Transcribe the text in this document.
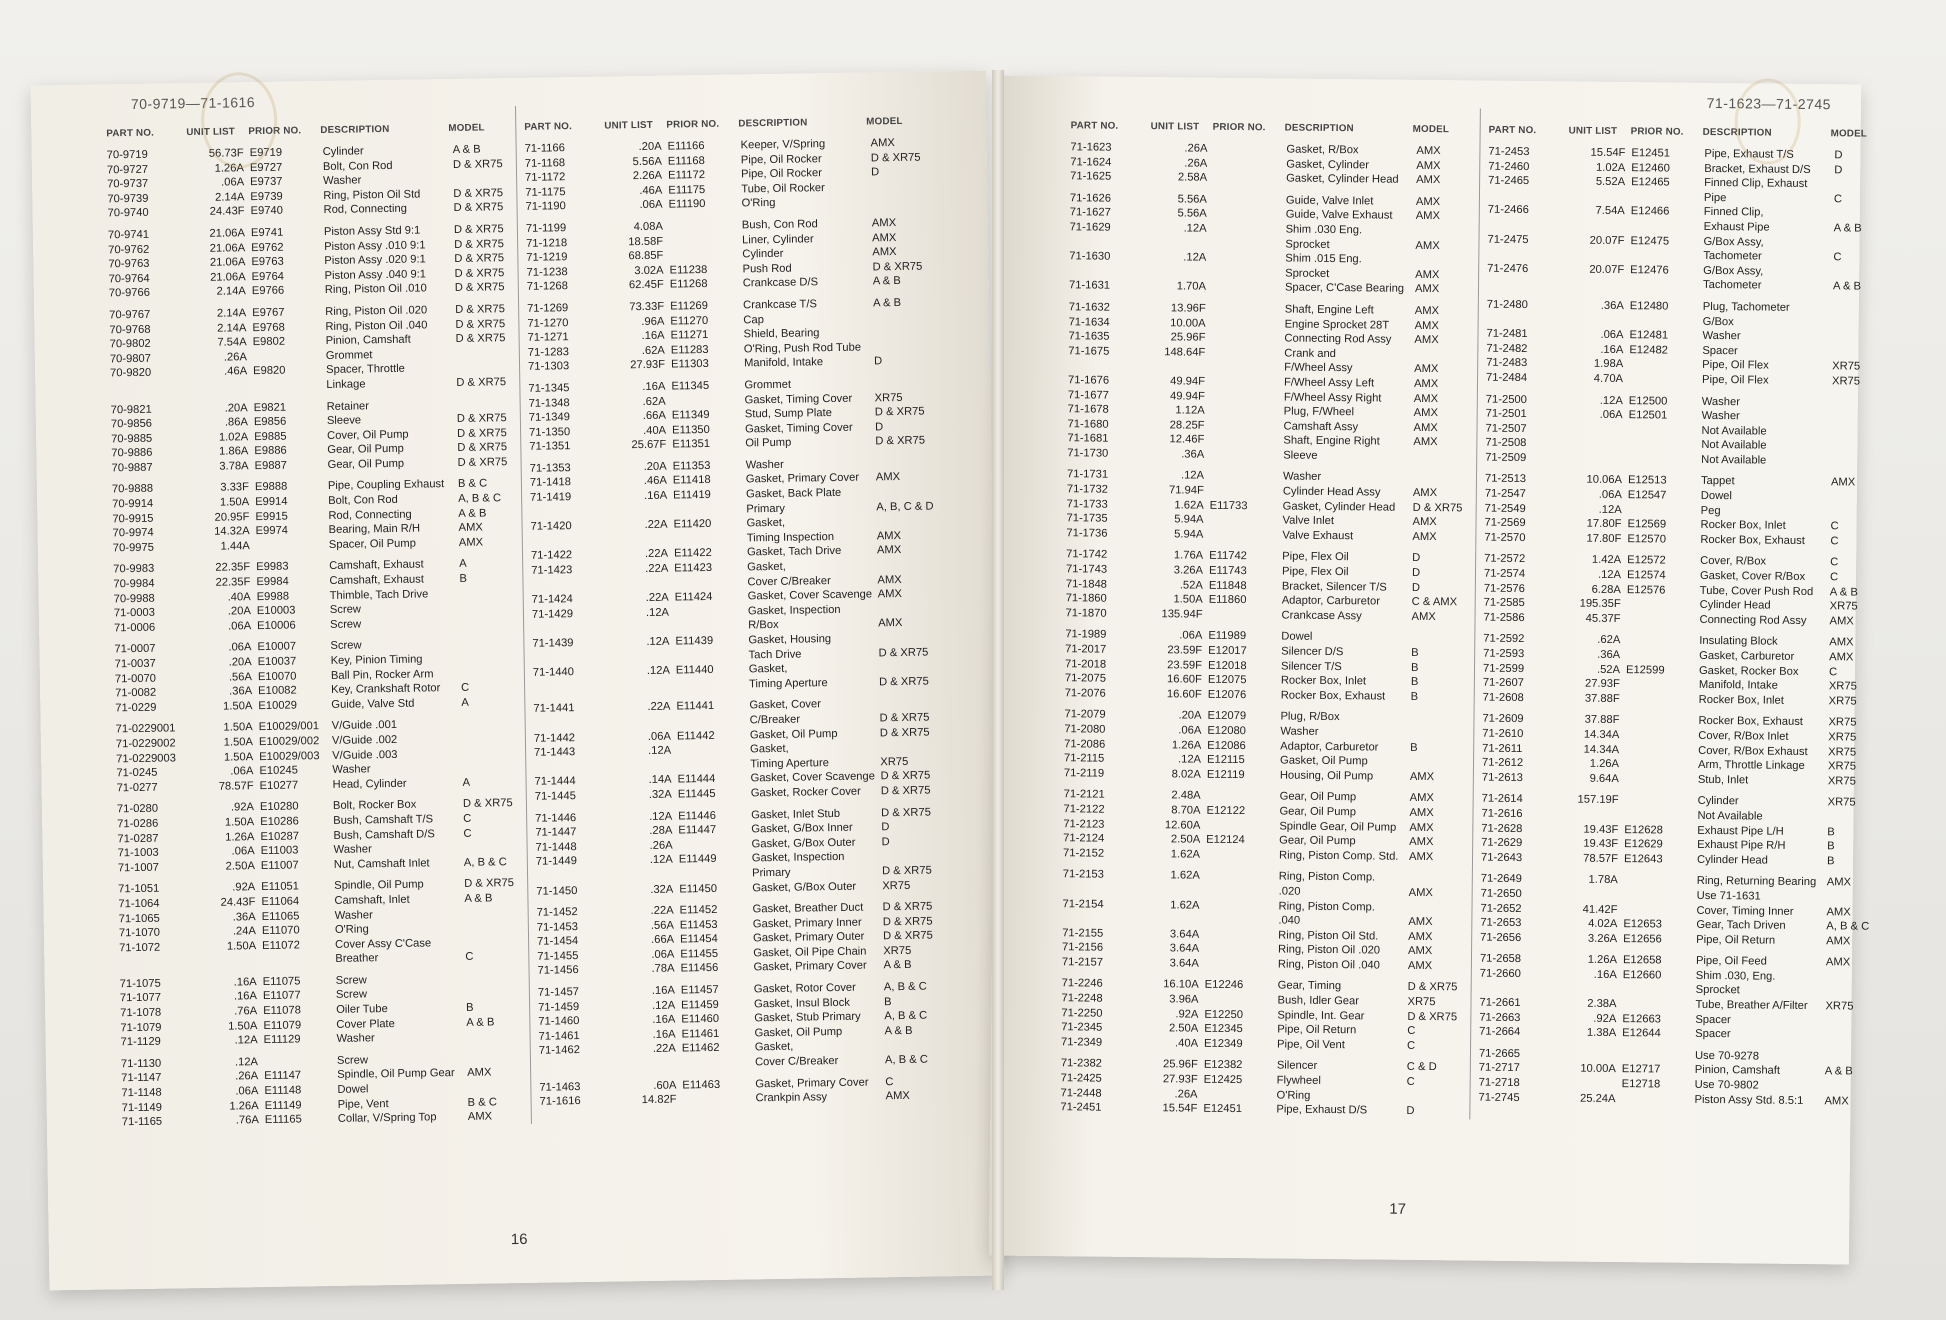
70-9719—71-1616
PART NO.	UNIT LIST	PRIOR NO.	DESCRIPTION	MODEL
70-9719	56.73F E9719	Cylinder	A & B
70-9727	1.26A E9727	Bolt, Con Rod	D & XR75
70-9737	.06A E9737	Washer
70-9739	2.14A E9739	Ring, Piston Oil Std	D & XR75
70-9740	24.43F E9740	Rod, Connecting	D & XR75
70-9741	21.06A E9741	Piston Assy Std 9:1	D & XR75
70-9762	21.06A E9762	Piston Assy .010 9:1	D & XR75
70-9763	21.06A E9763	Piston Assy .020 9:1	D & XR75
70-9764	21.06A E9764	Piston Assy .040 9:1	D & XR75
70-9766	2.14A E9766	Ring, Piston Oil .010	D & XR75
70-9767	2.14A E9767	Ring, Piston Oil .020	D & XR75
70-9768	2.14A E9768	Ring, Piston Oil .040	D & XR75
70-9802	7.54A E9802	Pinion, Camshaft	D & XR75
70-9807	.26A	Grommet
70-9820	.46A E9820	Spacer, Throttle
Linkage	D & XR75
70-9821	.20A E9821	Retainer
70-9856	.86A E9856	Sleeve	D & XR75
70-9885	1.02A E9885	Cover, Oil Pump	D & XR75
70-9886	1.86A E9886	Gear, Oil Pump	D & XR75
70-9887	3.78A E9887	Gear, Oil Pump	D & XR75
70-9888	3.33F E9888	Pipe, Coupling Exhaust	B & C
70-9914	1.50A E9914	Bolt, Con Rod	A, B & C
70-9915	20.95F E9915	Rod, Connecting	A & B
70-9974	14.32A E9974	Bearing, Main R/H	AMX
70-9975	1.44A	Spacer, Oil Pump	AMX
70-9983	22.35F E9983	Camshaft, Exhaust	A
70-9984	22.35F E9984	Camshaft, Exhaust	B
70-9988	.40A E9988	Thimble, Tach Drive
71-0003	.20A E10003	Screw
71-0006	.06A E10006	Screw
71-0007	.06A E10007	Screw
71-0037	.20A E10037	Key, Pinion Timing
71-0070	.56A E10070	Ball Pin, Rocker Arm
71-0082	.36A E10082	Key, Crankshaft Rotor	C
71-0229	1.50A E10029	Guide, Valve Std	A
71-0229001	1.50A E10029/001	V/Guide .001
71-0229002	1.50A E10029/002	V/Guide .002
71-0229003	1.50A E10029/003	V/Guide .003
71-0245	.06A E10245	Washer
71-0277	78.57F E10277	Head, Cylinder	A
71-0280	.92A E10280	Bolt, Rocker Box	D & XR75
71-0286	1.50A E10286	Bush, Camshaft T/S	C
71-0287	1.26A E10287	Bush, Camshaft D/S	C
71-1003	.06A E11003	Washer
71-1007	2.50A E11007	Nut, Camshaft Inlet	A, B & C
71-1051	.92A E11051	Spindle, Oil Pump	D & XR75
71-1064	24.43F E11064	Camshaft, Inlet	A & B
71-1065	.36A E11065	Washer
71-1070	.24A E11070	O'Ring
71-1072	1.50A E11072	Cover Assy C'Case
Breather	C
71-1075	.16A E11075	Screw
71-1077	.16A E11077	Screw
71-1078	.76A E11078	Oiler Tube	B
71-1079	1.50A E11079	Cover Plate	A & B
71-1129	.12A E11129	Washer
71-1130	.12A	Screw
71-1147	.26A E11147	Spindle, Oil Pump Gear	AMX
71-1148	.06A E11148	Dowel
71-1149	1.26A E11149	Pipe, Vent	B & C
71-1165	.76A E11165	Collar, V/Spring Top	AMX
PART NO.	UNIT LIST	PRIOR NO.	DESCRIPTION	MODEL
71-1166	.20A E11166	Keeper, V/Spring	AMX
71-1168	5.56A E11168	Pipe, Oil Rocker	D & XR75
71-1172	2.26A E11172	Pipe, Oil Rocker	D
71-1175	.46A E11175	Tube, Oil Rocker
71-1190	.06A E11190	O'Ring
71-1199	4.08A	Bush, Con Rod	AMX
71-1218	18.58F	Liner, Cylinder	AMX
71-1219	68.85F	Cylinder	AMX
71-1238	3.02A E11238	Push Rod	D & XR75
71-1268	62.45F E11268	Crankcase D/S	A & B
71-1269	73.33F E11269	Crankcase T/S	A & B
71-1270	.96A E11270	Cap
71-1271	.16A E11271	Shield, Bearing
71-1283	.62A E11283	O'Ring, Push Rod Tube
71-1303	27.93F E11303	Manifold, Intake	D
71-1345	.16A E11345	Grommet
71-1348	.62A	Gasket, Timing Cover	XR75
71-1349	.66A E11349	Stud, Sump Plate	D & XR75
71-1350	.40A E11350	Gasket, Timing Cover	D
71-1351	25.67F E11351	Oil Pump	D & XR75
71-1353	.20A E11353	Washer
71-1418	.46A E11418	Gasket, Primary Cover	AMX
71-1419	.16A E11419	Gasket, Back Plate
Primary	A, B, C & D
71-1420	.22A E11420	Gasket,
Timing Inspection	AMX
71-1422	.22A E11422	Gasket, Tach Drive	AMX
71-1423	.22A E11423	Gasket,
Cover C/Breaker	AMX
71-1424	.22A E11424	Gasket, Cover Scavenge AMX
71-1429	.12A	Gasket, Inspection
R/Box	AMX
71-1439	.12A E11439	Gasket, Housing
Tach Drive	D & XR75
71-1440	.12A E11440	Gasket,
Timing Aperture	D & XR75
71-1441	.22A E11441	Gasket, Cover
C/Breaker	D & XR75
71-1442	.06A E11442	Gasket, Oil Pump	D & XR75
71-1443	.12A	Gasket,
Timing Aperture	XR75
71-1444	.14A E11444	Gasket, Cover Scavenge D & XR75
71-1445	.32A E11445	Gasket, Rocker Cover	D & XR75
71-1446	.12A E11446	Gasket, Inlet Stub	D & XR75
71-1447	.28A E11447	Gasket, G/Box Inner	D
71-1448	.26A	Gasket, G/Box Outer	D
71-1449	.12A E11449	Gasket, Inspection
Primary	D & XR75
71-1450	.32A E11450	Gasket, G/Box Outer	XR75
71-1452	.22A E11452	Gasket, Breather Duct	D & XR75
71-1453	.56A E11453	Gasket, Primary Inner	D & XR75
71-1454	.66A E11454	Gasket, Primary Outer	D & XR75
71-1455	.06A E11455	Gasket, Oil Pipe Chain	XR75
71-1456	.78A E11456	Gasket, Primary Cover	A & B
71-1457	.16A E11457	Gasket, Rotor Cover	A, B & C
71-1459	.12A E11459	Gasket, Insul Block	B
71-1460	.16A E11460	Gasket, Stub Primary	A, B & C
71-1461	.16A E11461	Gasket, Oil Pump	A & B
71-1462	.22A E11462	Gasket,
Cover C/Breaker	A, B & C
71-1463	.60A E11463	Gasket, Primary Cover	C
71-1616	14.82F	Crankpin Assy	AMX
16
71-1623—71-2745
PART NO.	UNIT LIST	PRIOR NO.	DESCRIPTION	MODEL
71-1623	.26A	Gasket, R/Box	AMX
71-1624	.26A	Gasket, Cylinder	AMX
71-1625	2.58A	Gasket, Cylinder Head	AMX
71-1626	5.56A	Guide, Valve Inlet	AMX
71-1627	5.56A	Guide, Valve Exhaust	AMX
71-1629	.12A	Shim .030 Eng.
Sprocket	AMX
71-1630	.12A	Shim .015 Eng.
Sprocket	AMX
71-1631	1.70A	Spacer, C'Case Bearing AMX
71-1632	13.96F	Shaft, Engine Left	AMX
71-1634	10.00A	Engine Sprocket 28T	AMX
71-1635	25.96F	Connecting Rod Assy	AMX
71-1675	148.64F	Crank and
F/Wheel Assy	AMX
71-1676	49.94F	F/Wheel Assy Left	AMX
71-1677	49.94F	F/Wheel Assy Right	AMX
71-1678	1.12A	Plug, F/Wheel	AMX
71-1680	28.25F	Camshaft Assy	AMX
71-1681	12.46F	Shaft, Engine Right	AMX
71-1730	.36A	Sleeve
71-1731	.12A	Washer
71-1732	71.94F	Cylinder Head Assy	AMX
71-1733	1.62A E11733	Gasket, Cylinder Head	D & XR75
71-1735	5.94A	Valve Inlet	AMX
71-1736	5.94A	Valve Exhaust	AMX
71-1742	1.76A E11742	Pipe, Flex Oil	D
71-1743	3.26A E11743	Pipe, Flex Oil	D
71-1848	.52A E11848	Bracket, Silencer T/S	D
71-1860	1.50A E11860	Adaptor, Carburetor	C & AMX
71-1870	135.94F	Crankcase Assy	AMX
71-1989	.06A E11989	Dowel
71-2017	23.59F E12017	Silencer D/S	B
71-2018	23.59F E12018	Silencer T/S	B
71-2075	16.60F E12075	Rocker Box, Inlet	B
71-2076	16.60F E12076	Rocker Box, Exhaust	B
71-2079	.20A E12079	Plug, R/Box
71-2080	.06A E12080	Washer
71-2086	1.26A E12086	Adaptor, Carburetor	B
71-2115	.12A E12115	Gasket, Oil Pump
71-2119	8.02A E12119	Housing, Oil Pump	AMX
71-2121	2.48A	Gear, Oil Pump	AMX
71-2122	8.70A E12122	Gear, Oil Pump	AMX
71-2123	12.60A	Spindle Gear, Oil Pump	AMX
71-2124	2.50A E12124	Gear, Oil Pump	AMX
71-2152	1.62A	Ring, Piston Comp. Std. AMX
71-2153	1.62A	Ring, Piston Comp.
.020	AMX
71-2154	1.62A	Ring, Piston Comp.
.040	AMX
71-2155	3.64A	Ring, Piston Oil Std.	AMX
71-2156	3.64A	Ring, Piston Oil .020	AMX
71-2157	3.64A	Ring, Piston Oil .040	AMX
71-2246	16.10A E12246	Gear, Timing	D & XR75
71-2248	3.96A	Bush, Idler Gear	XR75
71-2250	.92A E12250	Spindle, Int. Gear	D & XR75
71-2345	2.50A E12345	Pipe, Oil Return	C
71-2349	.40A E12349	Pipe, Oil Vent	C
71-2382	25.96F E12382	Silencer	C & D
71-2425	27.93F E12425	Flywheel	C
71-2448	.26A	O'Ring
71-2451	15.54F E12451	Pipe, Exhaust D/S	D
PART NO.	UNIT LIST	PRIOR NO.	DESCRIPTION	MODEL
71-2453	15.54F E12451	Pipe, Exhaust T/S	D
71-2460	1.02A E12460	Bracket, Exhaust D/S	D
71-2465	5.52A E12465	Finned Clip, Exhaust
Pipe	C
71-2466	7.54A E12466	Finned Clip,
Exhaust Pipe	A & B
71-2475	20.07F E12475	G/Box Assy,
Tachometer	C
71-2476	20.07F E12476	G/Box Assy,
Tachometer	A & B
71-2480	.36A E12480	Plug, Tachometer
G/Box
71-2481	.06A E12481	Washer
71-2482	.16A E12482	Spacer
71-2483	1.98A	Pipe, Oil Flex	XR75
71-2484	4.70A	Pipe, Oil Flex	XR75
71-2500	.12A E12500	Washer
71-2501	.06A E12501	Washer
71-2507	Not Available
71-2508	Not Available
71-2509	Not Available
71-2513	10.06A E12513	Tappet	AMX
71-2547	.06A E12547	Dowel
71-2549	.12A	Peg
71-2569	17.80F E12569	Rocker Box, Inlet	C
71-2570	17.80F E12570	Rocker Box, Exhaust	C
71-2572	1.42A E12572	Cover, R/Box	C
71-2574	.12A E12574	Gasket, Cover R/Box	C
71-2576	6.28A E12576	Tube, Cover Push Rod	A & B
71-2585	195.35F	Cylinder Head	XR75
71-2586	45.37F	Connecting Rod Assy	AMX
71-2592	.62A	Insulating Block	AMX
71-2593	.36A	Gasket, Carburetor	AMX
71-2599	.52A E12599	Gasket, Rocker Box	C
71-2607	27.93F	Manifold, Intake	XR75
71-2608	37.88F	Rocker Box, Inlet	XR75
71-2609	37.88F	Rocker Box, Exhaust	XR75
71-2610	14.34A	Cover, R/Box Inlet	XR75
71-2611	14.34A	Cover, R/Box Exhaust	XR75
71-2612	1.26A	Arm, Throttle Linkage	XR75
71-2613	9.64A	Stub, Inlet	XR75
71-2614	157.19F	Cylinder	XR75
71-2616	Not Available
71-2628	19.43F E12628	Exhaust Pipe L/H	B
71-2629	19.43F E12629	Exhaust Pipe R/H	B
71-2643	78.57F E12643	Cylinder Head	B
71-2649	1.78A	Ring, Returning Bearing AMX
71-2650	Use 71-1631
71-2652	41.42F	Cover, Timing Inner	AMX
71-2653	4.02A E12653	Gear, Tach Driven	A, B & C
71-2656	3.26A E12656	Pipe, Oil Return	AMX
71-2658	1.26A E12658	Pipe, Oil Feed	AMX
71-2660	.16A E12660	Shim .030, Eng.
Sprocket
71-2661	2.38A	Tube, Breather A/Filter	XR75
71-2663	.92A E12663	Spacer
71-2664	1.38A E12644	Spacer
71-2665	Use 70-9278
71-2717	10.00A E12717	Pinion, Camshaft	A & B
71-2718	E12718	Use 70-9802
71-2745	25.24A	Piston Assy Std. 8.5:1	AMX
17
